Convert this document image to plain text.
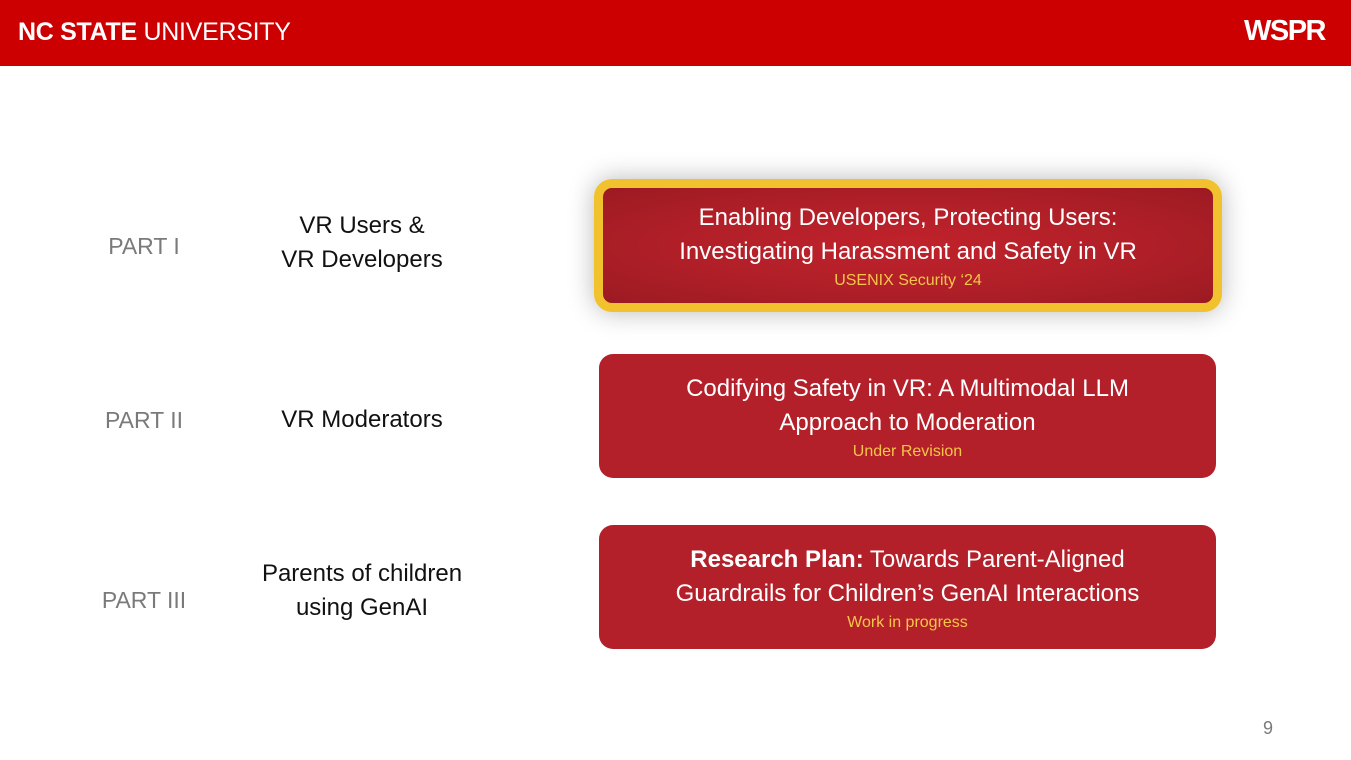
NC STATE UNIVERSITY	WSPR
PART I
VR Users &
VR Developers
Enabling Developers, Protecting Users:
Investigating Harassment and Safety in VR
USENIX Security ‘24
PART II	VR Moderators
Codifying Safety in VR: A Multimodal LLM
Approach to Moderation
Under Revision
PART III
Parents of children
using GenAI
Research Plan: Towards Parent-Aligned
Guardrails for Children’s GenAI Interactions
Work in progress
9
